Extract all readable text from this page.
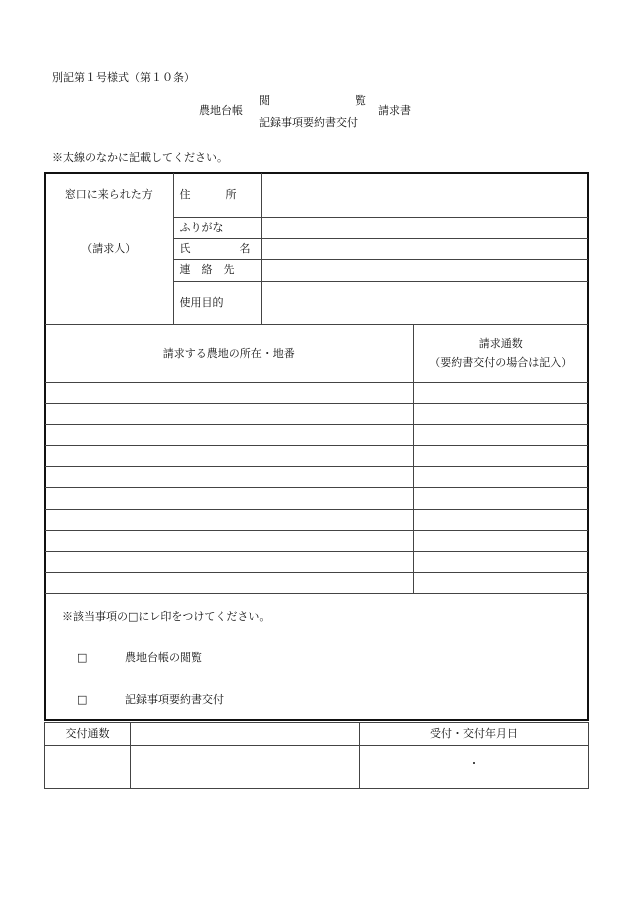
別記第１号様式（第１０条）
農地台帳
閲	覧
記録事項要約書交付
請求書
※太線のなかに記載してください。
窓口に来られた方	住 所	

	ふりがな	
（請求人）	氏 名	

	連　絡　先	
	使用目的	
請求する農地の所在・地番	請求通数
（要約書交付の場合は記入）

※該当事項の□にレ印をつけてください。
□	農地台帳の閲覧
□	記録事項要約書交付
交付通数		受付・交付年月日
		・
